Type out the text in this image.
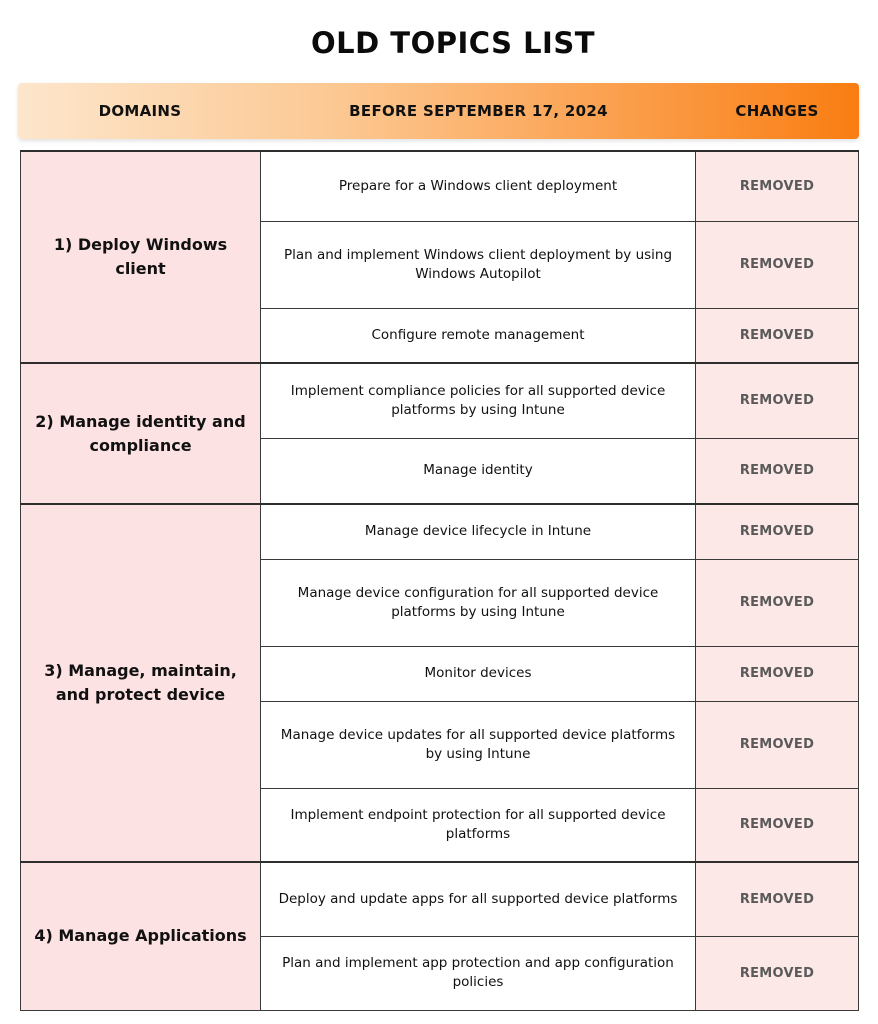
OLD TOPICS LIST
DOMAINS	BEFORE SEPTEMBER 17, 2024	CHANGES
1) Deploy Windows client	Prepare for a Windows client deployment	REMOVED
	Plan and implement Windows client deployment by using Windows Autopilot	REMOVED
	Configure remote management	REMOVED
2) Manage identity and compliance	Implement compliance policies for all supported device platforms by using Intune	REMOVED
	Manage identity	REMOVED
3) Manage, maintain, and protect device	Manage device lifecycle in Intune	REMOVED
	Manage device configuration for all supported device platforms by using Intune	REMOVED
	Monitor devices	REMOVED
	Manage device updates for all supported device platforms by using Intune	REMOVED
	Implement endpoint protection for all supported device platforms	REMOVED
4) Manage Applications	Deploy and update apps for all supported device platforms	REMOVED
	Plan and implement app protection and app configuration policies	REMOVED
